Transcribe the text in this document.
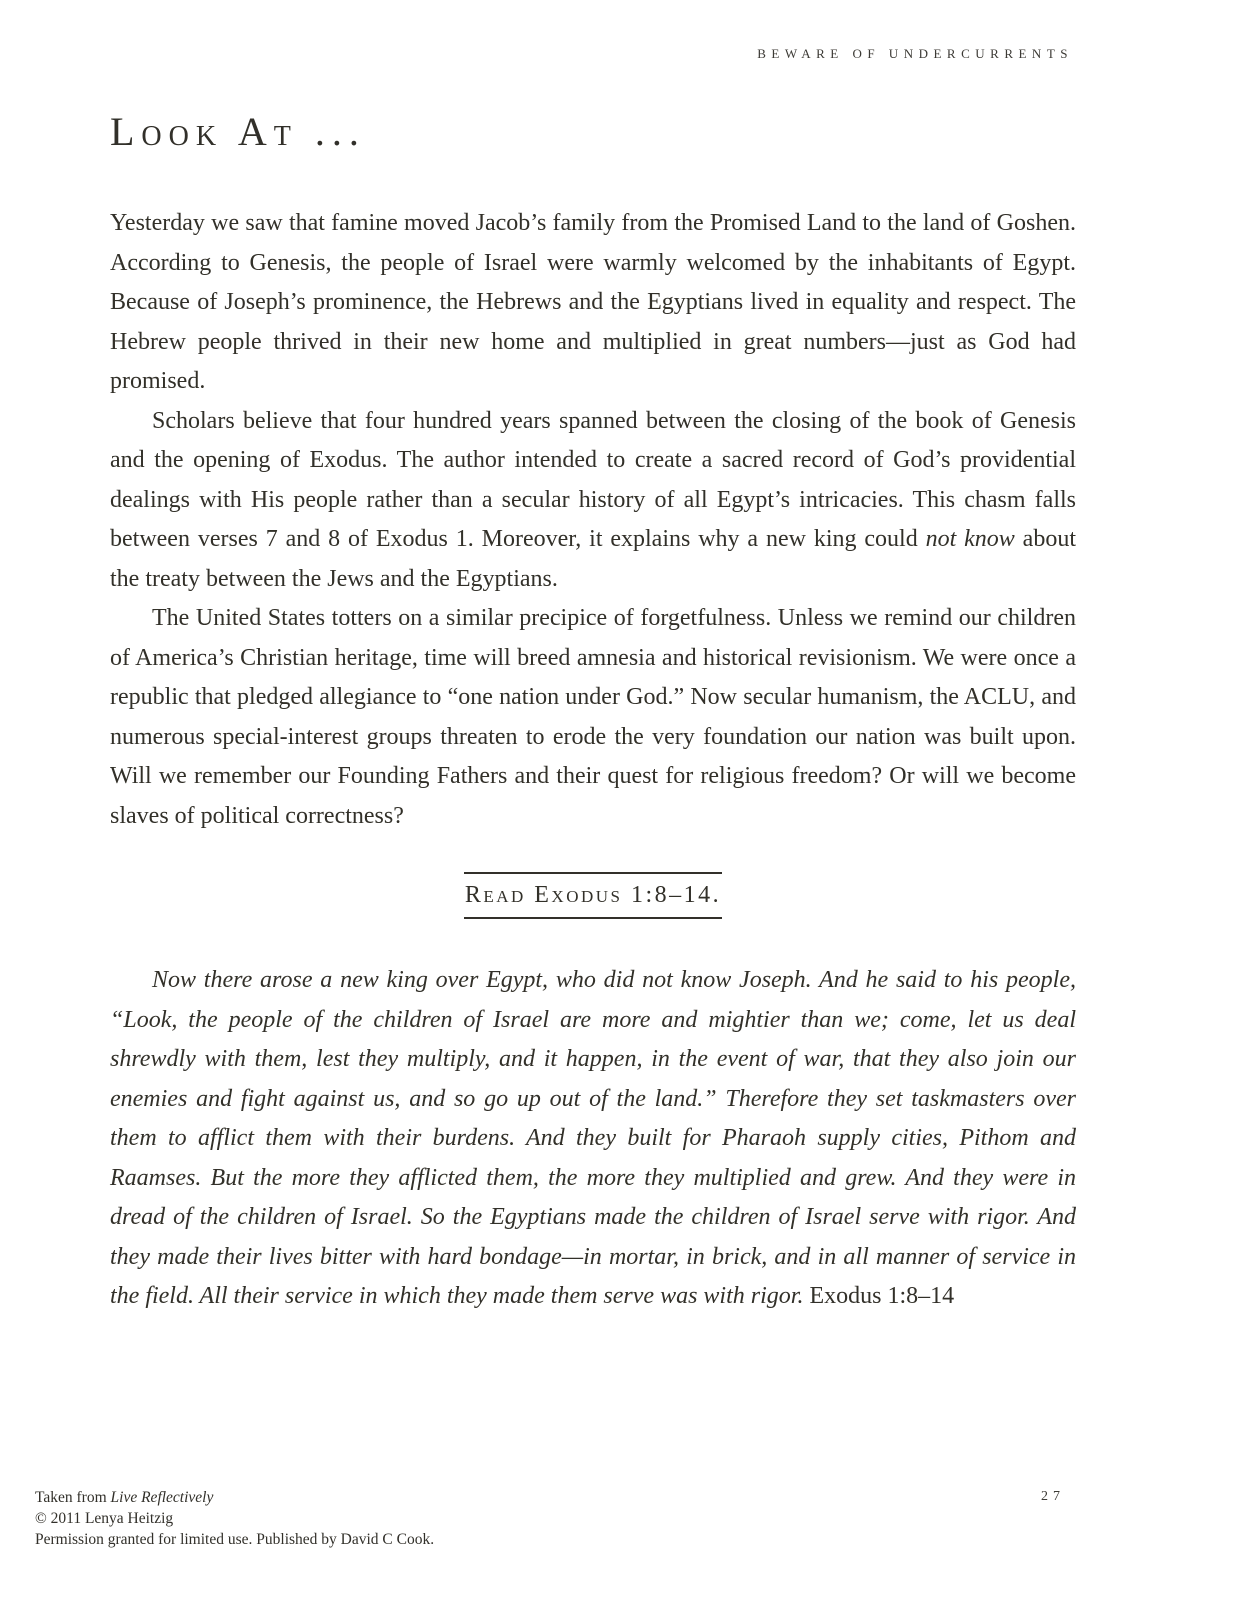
BEWARE OF UNDERCURRENTS
Look At ...

Yesterday we saw that famine moved Jacob’s family from the Promised Land to the land of Goshen. According to Genesis, the people of Israel were warmly welcomed by the inhabitants of Egypt. Because of Joseph’s prominence, the Hebrews and the Egyptians lived in equality and respect. The Hebrew people thrived in their new home and multiplied in great numbers—just as God had promised.

Scholars believe that four hundred years spanned between the closing of the book of Genesis and the opening of Exodus. The author intended to create a sacred record of God’s providential dealings with His people rather than a secular history of all Egypt’s intricacies. This chasm falls between verses 7 and 8 of Exodus 1. Moreover, it explains why a new king could not know about the treaty between the Jews and the Egyptians.

The United States totters on a similar precipice of forgetfulness. Unless we remind our children of America’s Christian heritage, time will breed amnesia and historical revisionism. We were once a republic that pledged allegiance to “one nation under God.” Now secular humanism, the ACLU, and numerous special-interest groups threaten to erode the very foundation our nation was built upon. Will we remember our Founding Fathers and their quest for religious freedom? Or will we become slaves of political correctness?

Read Exodus 1:8–14.

Now there arose a new king over Egypt, who did not know Joseph. And he said to his people, “Look, the people of the children of Israel are more and mightier than we; come, let us deal shrewdly with them, lest they multiply, and it happen, in the event of war, that they also join our enemies and fight against us, and so go up out of the land.” Therefore they set taskmasters over them to afflict them with their burdens. And they built for Pharaoh supply cities, Pithom and Raamses. But the more they afflicted them, the more they multiplied and grew. And they were in dread of the children of Israel. So the Egyptians made the children of Israel serve with rigor. And they made their lives bitter with hard bondage—in mortar, in brick, and in all manner of service in the field. All their service in which they made them serve was with rigor. Exodus 1:8–14

Taken from Live Reflectively
© 2011 Lenya Heitzig
Permission granted for limited use. Published by David C Cook.
27
